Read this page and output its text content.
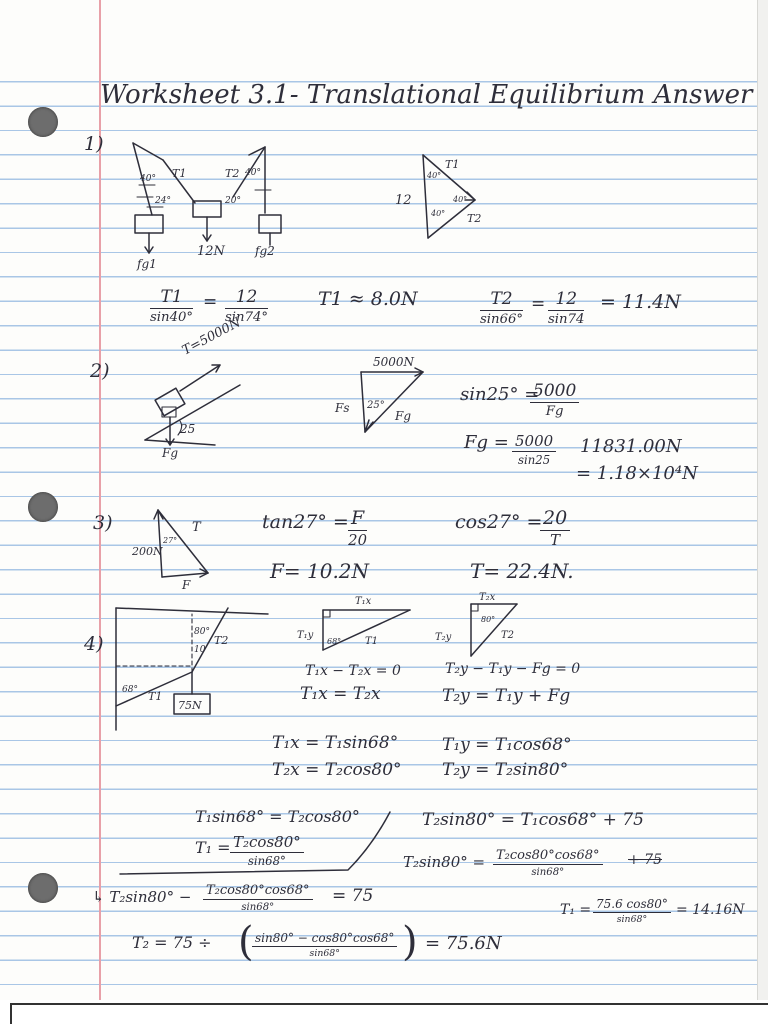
Worksheet 3.1- Translational Equilibrium Answer
1)
40°
24°
40°
20°
T1	T2
12N
fg1
fg2
12
T1
T2
40°
40°
40°
T1
sin40°
=	12
sin74°
T1 ≈ 8.0N	T2
sin66°
= 12
sin74
= 11.4N
2)
T=5000N
25
Fg
5000N
Fs 25°
Fg
sin25° =
5000
Fg
Fg = 5000
sin25
11831.00N
= 1.18×10⁴N
3)
200N
27°
T
F
tan27° = F
20
F= 10.2N
cos27° = 20
T
T= 22.4N.
4)
80°
10
68° T1
T2
75N
T₁x
T₁y
68° T1
T₂x
T₂y
80°
T2
T₁x − T₂x = 0
T₁x = T₂x
T₂y − T₁y − Fg = 0
T₂y = T₁y + Fg
T₁x = T₁sin68°	T₁y = T₁cos68°
T₂x = T₂cos80° T₂y = T₂sin80°
T₁sin68° = T₂cos80°
T₁ = T₂cos80°
sin68°
T₂sin80° = T₁cos68° + 75
T₂sin80° = T₂cos80°cos68°
sin68°
+ 75
↳ T₂sin80° − T₂cos80°cos68°
sin68°
= 75
T₂ = 75 ÷ ( sin80° − cos80°cos68°
sin68°	) = 75.6N
T₁ = 75.6 cos80°
sin68°
= 14.16N
